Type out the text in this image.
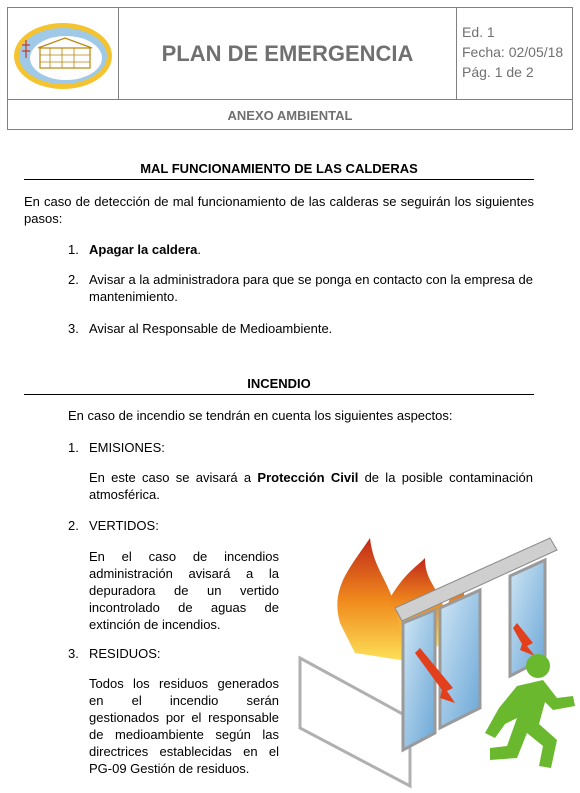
PLAN DE EMERGENCIA
Ed. 1
Fecha: 02/05/18
Pág. 1 de 2
ANEXO AMBIENTAL
MAL FUNCIONAMIENTO DE LAS CALDERAS
En caso de detección de mal funcionamiento de las calderas se seguirán los siguientes pasos:
1. Apagar la caldera.
2. Avisar a la administradora para que se ponga en contacto con la empresa de mantenimiento.
3. Avisar al Responsable de Medioambiente.
INCENDIO
En caso de incendio se tendrán en cuenta los siguientes aspectos:
1. EMISIONES:
En este caso se avisará a Protección Civil de la posible contaminación atmosférica.
2. VERTIDOS:
En el caso de incendios administración avisará a la depuradora de un vertido incontrolado de aguas de extinción de incendios.
3. RESIDUOS:
Todos los residuos generados en el incendio serán gestionados por el responsable de medioambiente según las directrices establecidas en el PG-09 Gestión de residuos.
